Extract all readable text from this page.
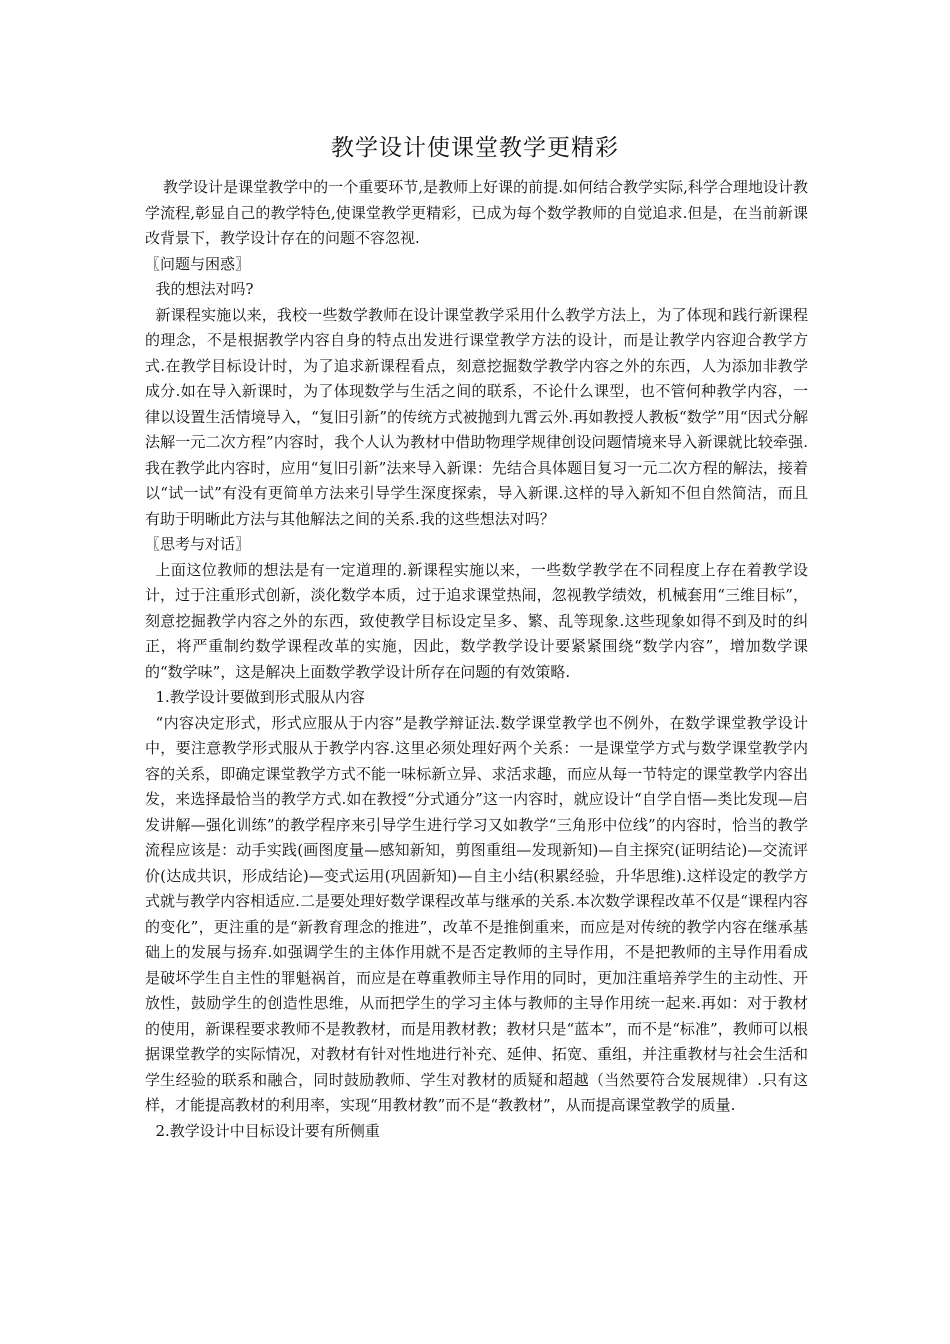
教学设计使课堂教学更精彩

教学设计是课堂教学中的一个重要环节,是教师上好课的前提.如何结合教学实际,科学合理地设计教学流程,彰显自己的教学特色,使课堂教学更精彩，已成为每个数学教师的自觉追求.但是，在当前新课改背景下，教学设计存在的问题不容忽视.

〖问题与困惑〗

我的想法对吗?

新课程实施以来，我校一些数学教师在设计课堂教学采用什么教学方法上，为了体现和践行新课程的理念，不是根据教学内容自身的特点出发进行课堂教学方法的设计，而是让教学内容迎合教学方式.在教学目标设计时，为了追求新课程看点，刻意挖掘数学教学内容之外的东西，人为添加非教学成分.如在导入新课时，为了体现数学与生活之间的联系，不论什么课型，也不管何种教学内容，一律以设置生活情境导入，“复旧引新”的传统方式被抛到九霄云外.再如教授人教板“数学”用“因式分解法解一元二次方程”内容时，我个人认为教材中借助物理学规律创设问题情境来导入新课就比较牵强.我在教学此内容时，应用“复旧引新”法来导入新课：先结合具体题目复习一元二次方程的解法，接着以“试一试”有没有更简单方法来引导学生深度探索，导入新课.这样的导入新知不但自然简洁，而且有助于明晰此方法与其他解法之间的关系.我的这些想法对吗？

〖思考与对话〗

上面这位教师的想法是有一定道理的.新课程实施以来，一些数学教学在不同程度上存在着教学设计，过于注重形式创新，淡化数学本质，过于追求课堂热闹，忽视教学绩效，机械套用“三维目标”，刻意挖掘教学内容之外的东西，致使教学目标设定呈多、繁、乱等现象.这些现象如得不到及时的纠正，将严重制约数学课程改革的实施，因此，数学教学设计要紧紧围绕“数学内容”，增加数学课的“数学味”，这是解决上面数学教学设计所存在问题的有效策略.

1.教学设计要做到形式服从内容

“内容决定形式，形式应服从于内容”是教学辩证法.数学课堂教学也不例外，在数学课堂教学设计中，要注意教学形式服从于教学内容.这里必须处理好两个关系：一是课堂学方式与数学课堂教学内容的关系，即确定课堂教学方式不能一味标新立异、求活求趣，而应从每一节特定的课堂教学内容出发，来选择最恰当的教学方式.如在教授“分式通分”这一内容时，就应设计“自学自悟—类比发现—启发讲解—强化训练”的教学程序来引导学生进行学习又如教学“三角形中位线”的内容时，恰当的教学流程应该是：动手实践(画图度量—感知新知，剪图重组—发现新知)—自主探究(证明结论)—交流评价(达成共识，形成结论)—变式运用(巩固新知)—自主小结(积累经验，升华思维).这样设定的教学方式就与教学内容相适应.二是要处理好数学课程改革与继承的关系.本次数学课程改革不仅是“课程内容的变化”，更注重的是“新教育理念的推进”，改革不是推倒重来，而应是对传统的教学内容在继承基础上的发展与扬弃.如强调学生的主体作用就不是否定教师的主导作用，不是把教师的主导作用看成是破坏学生自主性的罪魁祸首，而应是在尊重教师主导作用的同时，更加注重培养学生的主动性、开放性，鼓励学生的创造性思维，从而把学生的学习主体与教师的主导作用统一起来.再如：对于教材的使用，新课程要求教师不是教教材，而是用教材教；教材只是“蓝本”，而不是“标准”，教师可以根据课堂教学的实际情况，对教材有针对性地进行补充、延伸、拓宽、重组，并注重教材与社会生活和学生经验的联系和融合，同时鼓励教师、学生对教材的质疑和超越（当然要符合发展规律）.只有这样，才能提高教材的利用率，实现“用教材教”而不是“教教材”，从而提高课堂教学的质量.

2.教学设计中目标设计要有所侧重
